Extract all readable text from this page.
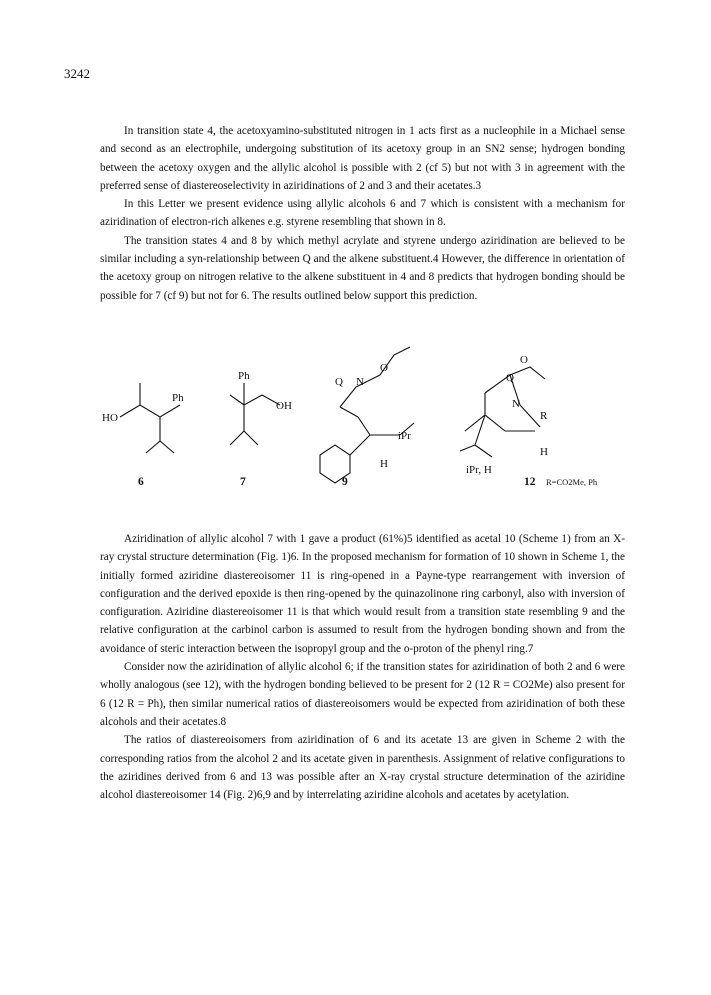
3242

In transition state 4, the acetoxyamino-substituted nitrogen in 1 acts first as a nucleophile in a Michael sense and second as an electrophile, undergoing substitution of its acetoxy group in an SN2 sense; hydrogen bonding between the acetoxy oxygen and the allylic alcohol is possible with 2 (cf 5) but not with 3 in agreement with the preferred sense of diastereoselectivity in aziridinations of 2 and 3 and their acetates.3

In this Letter we present evidence using allylic alcohols 6 and 7 which is consistent with a mechanism for aziridination of electron-rich alkenes e.g. styrene resembling that shown in 8.

The transition states 4 and 8 by which methyl acrylate and styrene undergo aziridination are believed to be similar including a syn-relationship between Q and the alkene substituent.4 However, the difference in orientation of the acetoxy group on nitrogen relative to the alkene substituent in 4 and 8 predicts that hydrogen bonding should be possible for 7 (cf 9) but not for 6. The results outlined below support this prediction.

HO
Ph
Ph
OH
Q N
O
iPr
H
O
Q
N
R
H
iPr, H
6	7	9	12 R=CO2Me, Ph

Aziridination of allylic alcohol 7 with 1 gave a product (61%)5 identified as acetal 10 (Scheme 1) from an X-ray crystal structure determination (Fig. 1)6. In the proposed mechanism for formation of 10 shown in Scheme 1, the initially formed aziridine diastereoisomer 11 is ring-opened in a Payne-type rearrangement with inversion of configuration and the derived epoxide is then ring-opened by the quinazolinone ring carbonyl, also with inversion of configuration. Aziridine diastereoisomer 11 is that which would result from a transition state resembling 9 and the relative configuration at the carbinol carbon is assumed to result from the hydrogen bonding shown and from the avoidance of steric interaction between the isopropyl group and the o-proton of the phenyl ring.7

Consider now the aziridination of allylic alcohol 6; if the transition states for aziridination of both 2 and 6 were wholly analogous (see 12), with the hydrogen bonding believed to be present for 2 (12 R = CO2Me) also present for 6 (12 R = Ph), then similar numerical ratios of diastereoisomers would be expected from aziridination of both these alcohols and their acetates.8

The ratios of diastereoisomers from aziridination of 6 and its acetate 13 are given in Scheme 2 with the corresponding ratios from the alcohol 2 and its acetate given in parenthesis. Assignment of relative configurations to the aziridines derived from 6 and 13 was possible after an X-ray crystal structure determination of the aziridine alcohol diastereoisomer 14 (Fig. 2)6,9 and by interrelating aziridine alcohols and acetates by acetylation.
